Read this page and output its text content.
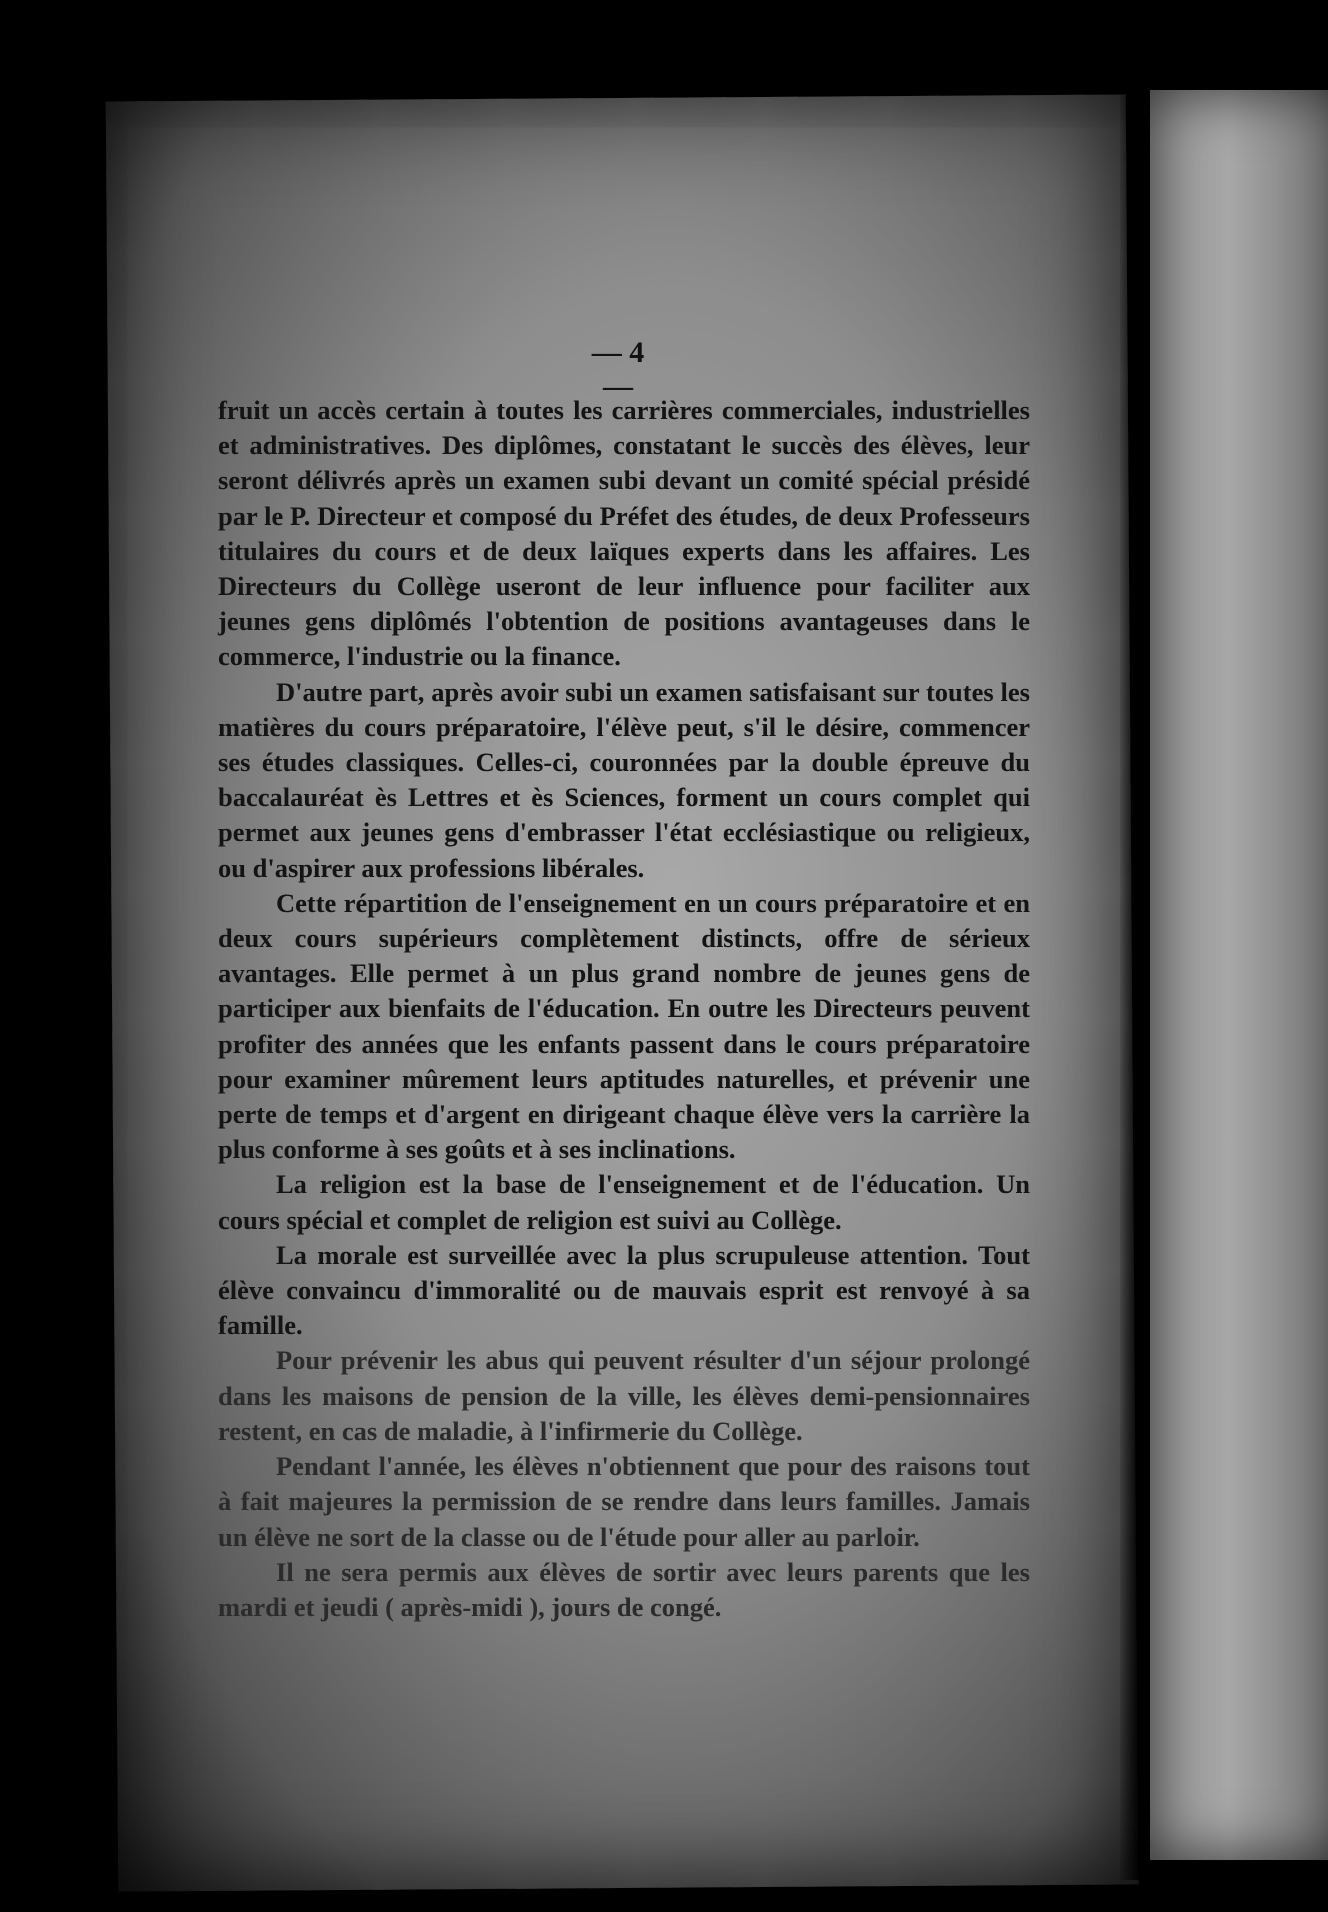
— 4 —

fruit un accès certain à toutes les carrières commerciales, industrielles et administratives. Des diplômes, constatant le succès des élèves, leur seront délivrés après un examen subi devant un comité spécial présidé par le P. Directeur et composé du Préfet des études, de deux Professeurs titulaires du cours et de deux laïques experts dans les affaires. Les Directeurs du Collège useront de leur influence pour faciliter aux jeunes gens diplômés l'obtention de positions avantageuses dans le commerce, l'industrie ou la finance.

D'autre part, après avoir subi un examen satisfaisant sur toutes les matières du cours préparatoire, l'élève peut, s'il le désire, commencer ses études classiques. Celles-ci, couronnées par la double épreuve du baccalauréat ès Lettres et ès Sciences, forment un cours complet qui permet aux jeunes gens d'embrasser l'état ecclésiastique ou religieux, ou d'aspirer aux professions libérales.

Cette répartition de l'enseignement en un cours préparatoire et en deux cours supérieurs complètement distincts, offre de sérieux avantages. Elle permet à un plus grand nombre de jeunes gens de participer aux bienfaits de l'éducation. En outre les Directeurs peuvent profiter des années que les enfants passent dans le cours préparatoire pour examiner mûrement leurs aptitudes naturelles, et prévenir une perte de temps et d'argent en dirigeant chaque élève vers la carrière la plus conforme à ses goûts et à ses inclinations.

La religion est la base de l'enseignement et de l'éducation. Un cours spécial et complet de religion est suivi au Collège.

La morale est surveillée avec la plus scrupuleuse attention. Tout élève convaincu d'immoralité ou de mauvais esprit est renvoyé à sa famille.

Pour prévenir les abus qui peuvent résulter d'un séjour prolongé dans les maisons de pension de la ville, les élèves demi-pensionnaires restent, en cas de maladie, à l'infirmerie du Collège.

Pendant l'année, les élèves n'obtiennent que pour des raisons tout à fait majeures la permission de se rendre dans leurs familles. Jamais un élève ne sort de la classe ou de l'étude pour aller au parloir.

Il ne sera permis aux élèves de sortir avec leurs parents que les mardi et jeudi ( après-midi ), jours de congé.
